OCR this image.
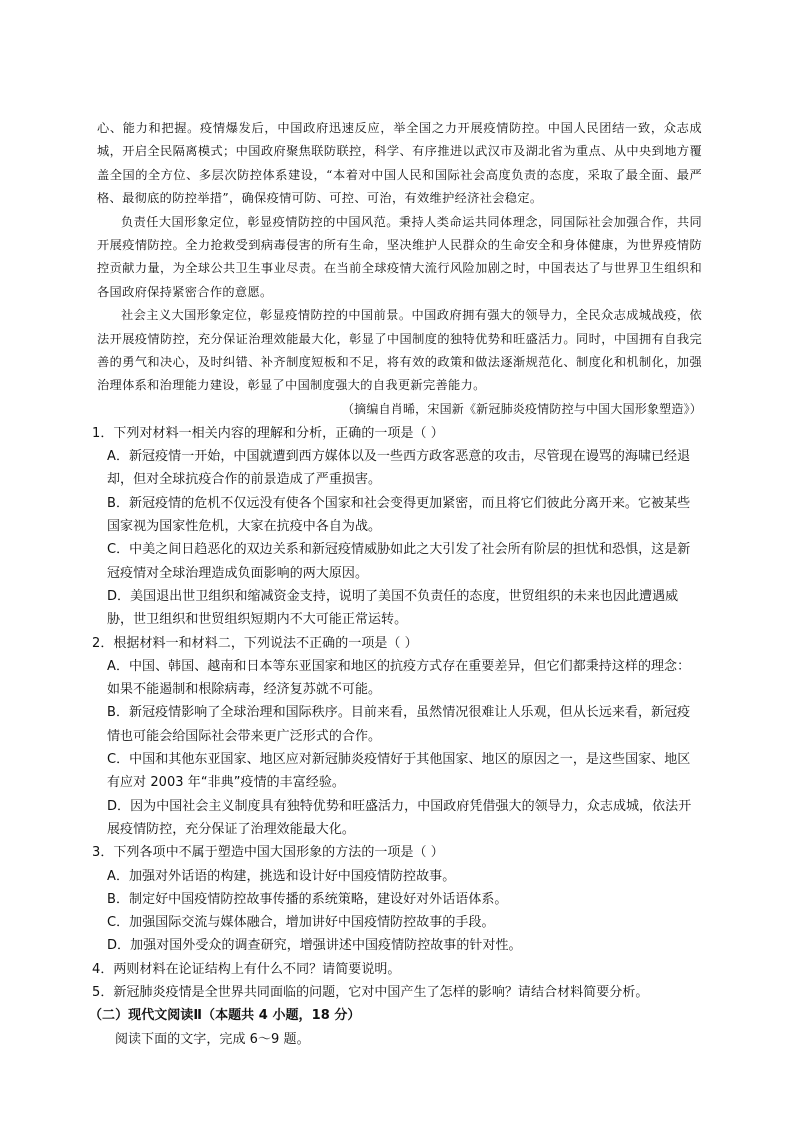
心、能力和把握。疫情爆发后，中国政府迅速反应，举全国之力开展疫情防控。中国人民团结一致，众志成城，开启全民隔离模式；中国政府聚焦联防联控，科学、有序推进以武汉市及湖北省为重点、从中央到地方覆盖全国的全方位、多层次防控体系建设，“本着对中国人民和国际社会高度负责的态度，采取了最全面、最严格、最彻底的防控举措”，确保疫情可防、可控、可治，有效维护经济社会稳定。

负责任大国形象定位，彰显疫情防控的中国风范。秉持人类命运共同体理念，同国际社会加强合作，共同开展疫情防控。全力抢救受到病毒侵害的所有生命，坚决维护人民群众的生命安全和身体健康，为世界疫情防控贡献力量，为全球公共卫生事业尽责。在当前全球疫情大流行风险加剧之时，中国表达了与世界卫生组织和各国政府保持紧密合作的意愿。

社会主义大国形象定位，彰显疫情防控的中国前景。中国政府拥有强大的领导力，全民众志成城战疫，依法开展疫情防控，充分保证治理效能最大化，彰显了中国制度的独特优势和旺盛活力。同时，中国拥有自我完善的勇气和决心，及时纠错、补齐制度短板和不足，将有效的政策和做法逐渐规范化、制度化和机制化，加强治理体系和治理能力建设，彰显了中国制度强大的自我更新完善能力。

（摘编自肖晞，宋国新《新冠肺炎疫情防控与中国大国形象塑造》）

1．下列对材料一相关内容的理解和分析，正确的一项是（ ）

A．新冠疫情一开始，中国就遭到西方媒体以及一些西方政客恶意的攻击，尽管现在谩骂的海啸已经退却，但对全球抗疫合作的前景造成了严重损害。

B．新冠疫情的危机不仅远没有使各个国家和社会变得更加紧密，而且将它们彼此分离开来。它被某些国家视为国家性危机，大家在抗疫中各自为战。

C．中美之间日趋恶化的双边关系和新冠疫情威胁如此之大引发了社会所有阶层的担忧和恐惧，这是新冠疫情对全球治理造成负面影响的两大原因。

D．美国退出世卫组织和缩减资金支持，说明了美国不负责任的态度，世贸组织的未来也因此遭遇威胁，世卫组织和世贸组织短期内不大可能正常运转。

2．根据材料一和材料二，下列说法不正确的一项是（ ）

A．中国、韩国、越南和日本等东亚国家和地区的抗疫方式存在重要差异，但它们都秉持这样的理念：如果不能遏制和根除病毒，经济复苏就不可能。

B．新冠疫情影响了全球治理和国际秩序。目前来看，虽然情况很难让人乐观，但从长远来看，新冠疫情也可能会给国际社会带来更广泛形式的合作。

C．中国和其他东亚国家、地区应对新冠肺炎疫情好于其他国家、地区的原因之一，是这些国家、地区有应对 2003 年“非典”疫情的丰富经验。

D．因为中国社会主义制度具有独特优势和旺盛活力，中国政府凭借强大的领导力，众志成城，依法开展疫情防控，充分保证了治理效能最大化。

3．下列各项中不属于塑造中国大国形象的方法的一项是（ ）

A．加强对外话语的构建，挑选和设计好中国疫情防控故事。

B．制定好中国疫情防控故事传播的系统策略，建设好对外话语体系。

C．加强国际交流与媒体融合，增加讲好中国疫情防控故事的手段。

D．加强对国外受众的调查研究，增强讲述中国疫情防控故事的针对性。

4．两则材料在论证结构上有什么不同？请简要说明。

5．新冠肺炎疫情是全世界共同面临的问题，它对中国产生了怎样的影响？请结合材料简要分析。

（二）现代文阅读Ⅱ（本题共 4 小题，18 分）

阅读下面的文字，完成 6～9 题。
